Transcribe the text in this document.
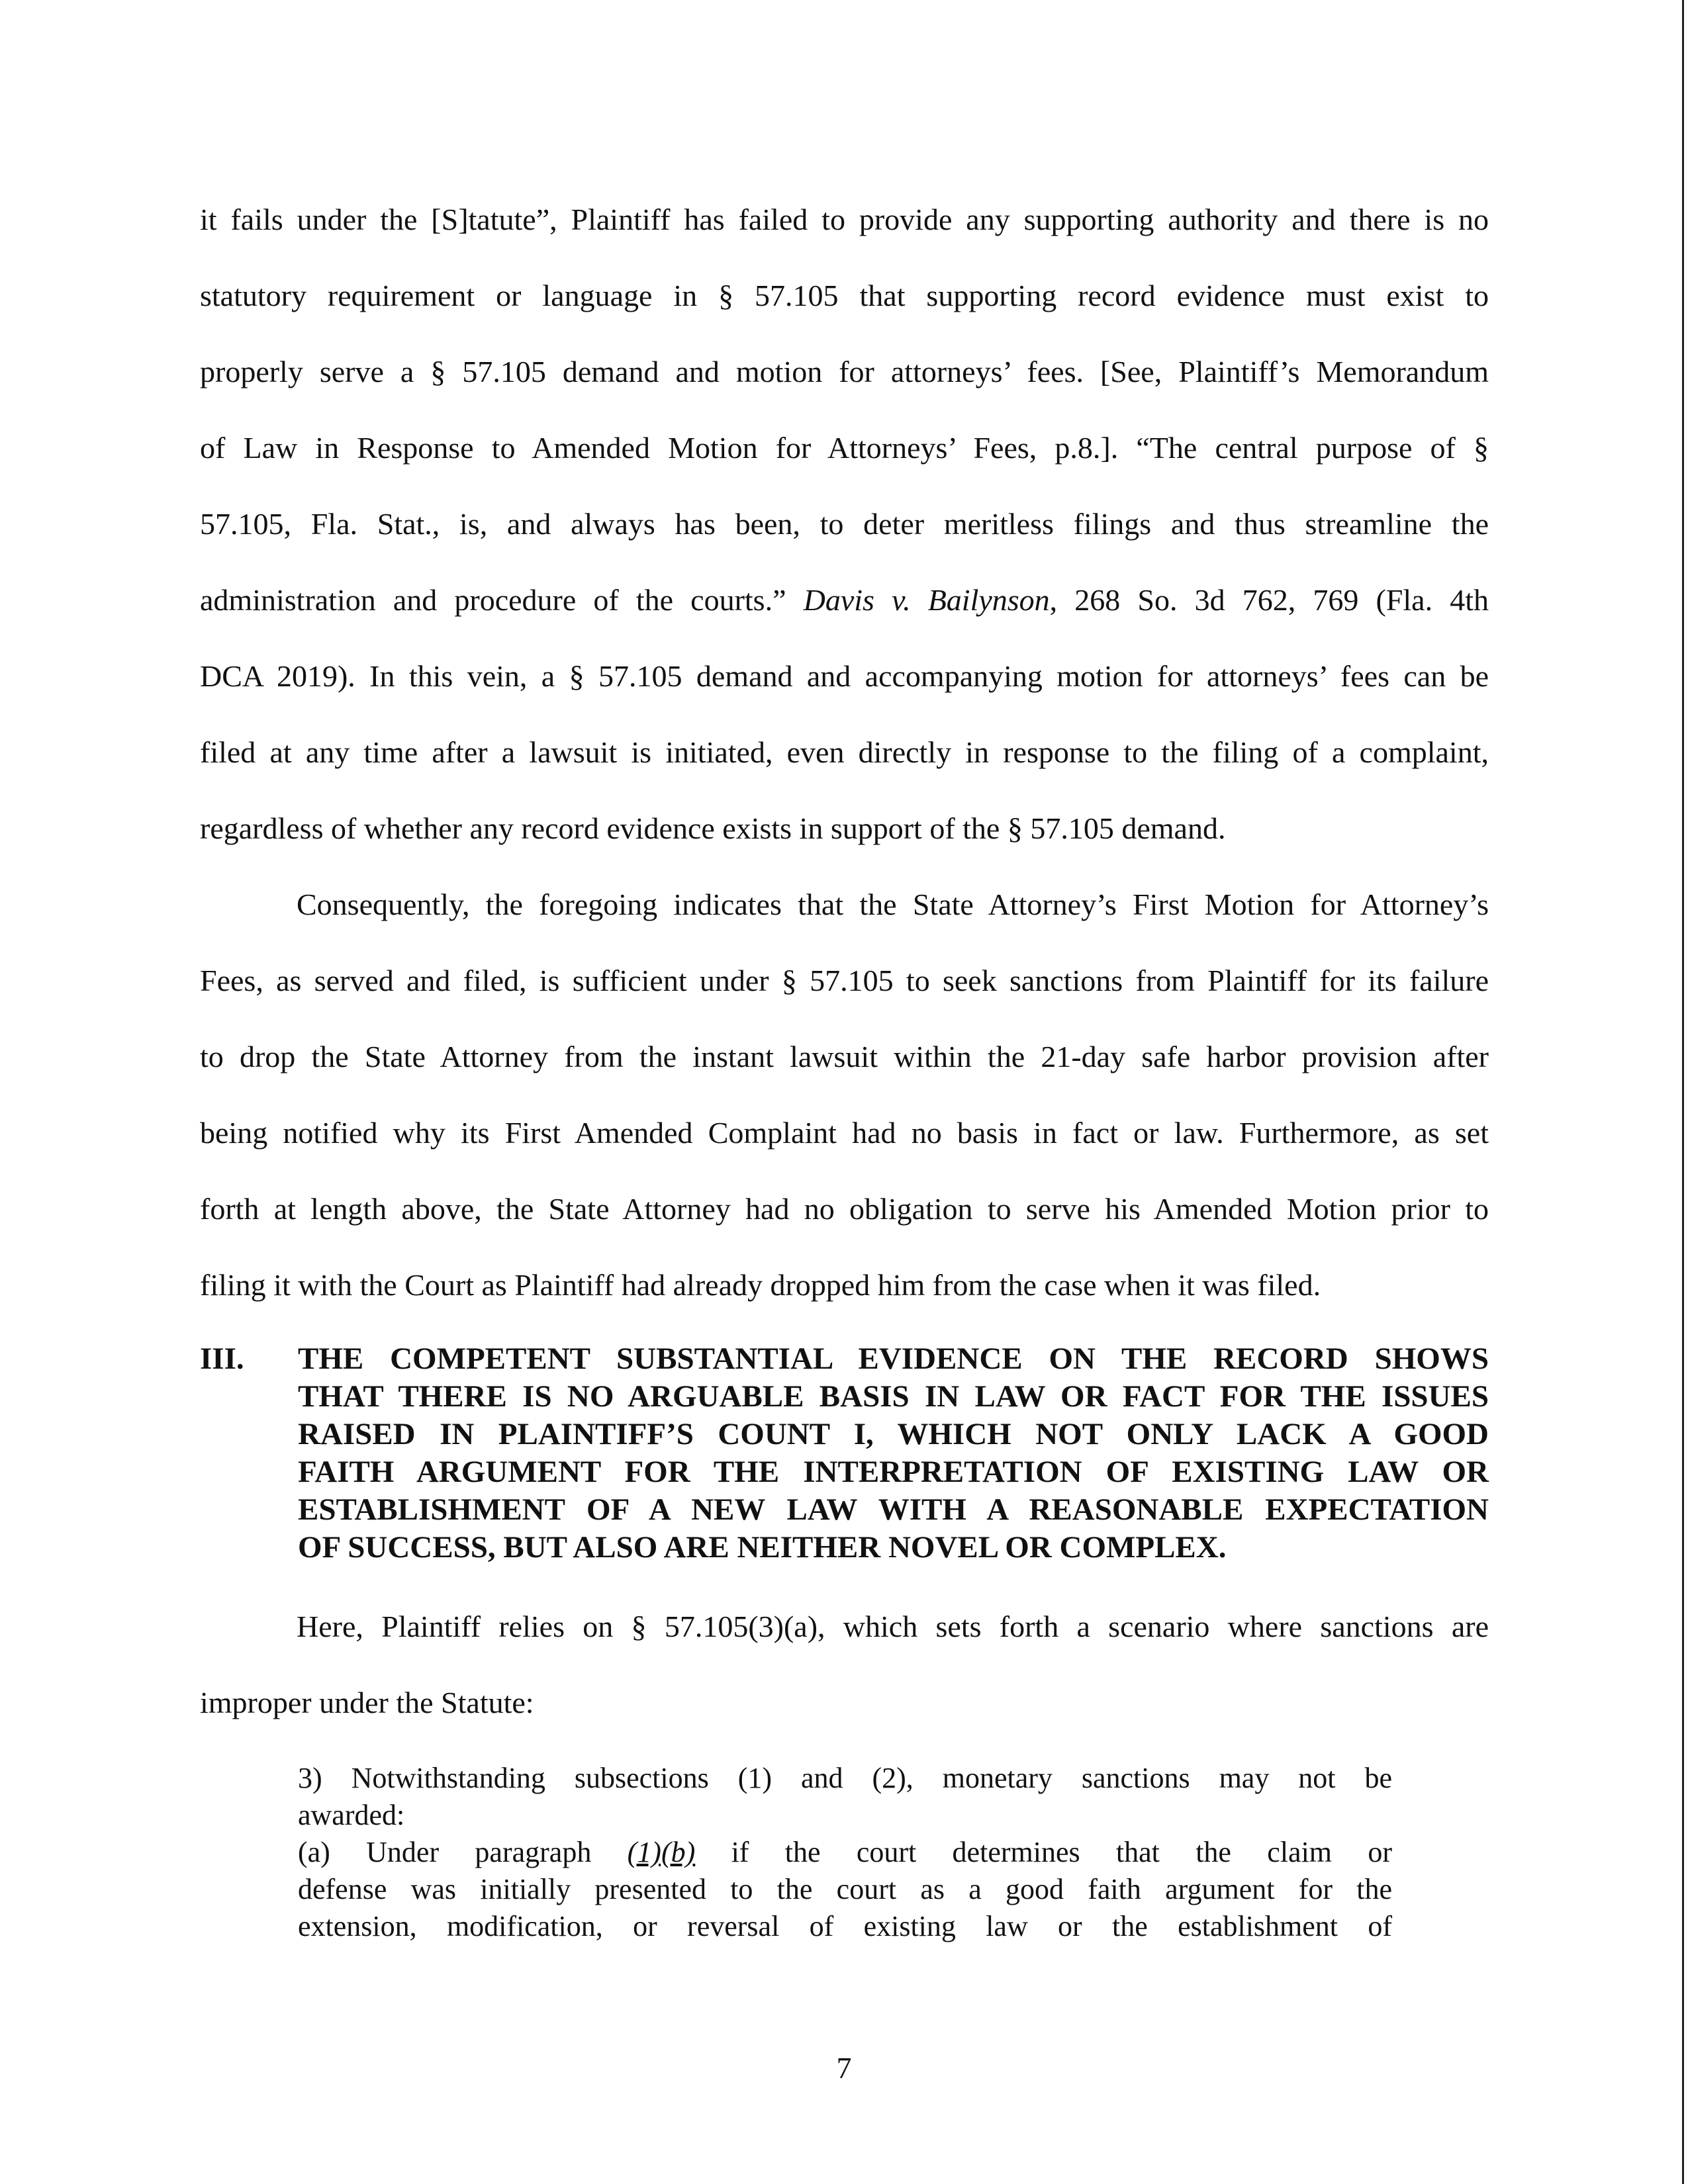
it fails under the [S]tatute”, Plaintiff has failed to provide any supporting authority and there is no
statutory requirement or language in § 57.105 that supporting record evidence must exist to
properly serve a § 57.105 demand and motion for attorneys’ fees. [See, Plaintiff’s Memorandum
of Law in Response to Amended Motion for Attorneys’ Fees, p.8.]. “The central purpose of §
57.105, Fla. Stat., is, and always has been, to deter meritless filings and thus streamline the
administration and procedure of the courts.” Davis v. Bailynson, 268 So. 3d 762, 769 (Fla. 4th
DCA 2019). In this vein, a § 57.105 demand and accompanying motion for attorneys’ fees can be
filed at any time after a lawsuit is initiated, even directly in response to the filing of a complaint,
regardless of whether any record evidence exists in support of the § 57.105 demand.
Consequently, the foregoing indicates that the State Attorney’s First Motion for Attorney’s
Fees, as served and filed, is sufficient under § 57.105 to seek sanctions from Plaintiff for its failure
to drop the State Attorney from the instant lawsuit within the 21-day safe harbor provision after
being notified why its First Amended Complaint had no basis in fact or law. Furthermore, as set
forth at length above, the State Attorney had no obligation to serve his Amended Motion prior to
filing it with the Court as Plaintiff had already dropped him from the case when it was filed.
III. THE COMPETENT SUBSTANTIAL EVIDENCE ON THE RECORD SHOWS
THAT THERE IS NO ARGUABLE BASIS IN LAW OR FACT FOR THE ISSUES
RAISED IN PLAINTIFF’S COUNT I, WHICH NOT ONLY LACK A GOOD
FAITH ARGUMENT FOR THE INTERPRETATION OF EXISTING LAW OR
ESTABLISHMENT OF A NEW LAW WITH A REASONABLE EXPECTATION
OF SUCCESS, BUT ALSO ARE NEITHER NOVEL OR COMPLEX.
Here, Plaintiff relies on § 57.105(3)(a), which sets forth a scenario where sanctions are
improper under the Statute:
3) Notwithstanding subsections (1) and (2), monetary sanctions may not be
awarded:
(a) Under paragraph (1)(b) if the court determines that the claim or
defense was initially presented to the court as a good faith argument for the
extension, modification, or reversal of existing law or the establishment of
7
